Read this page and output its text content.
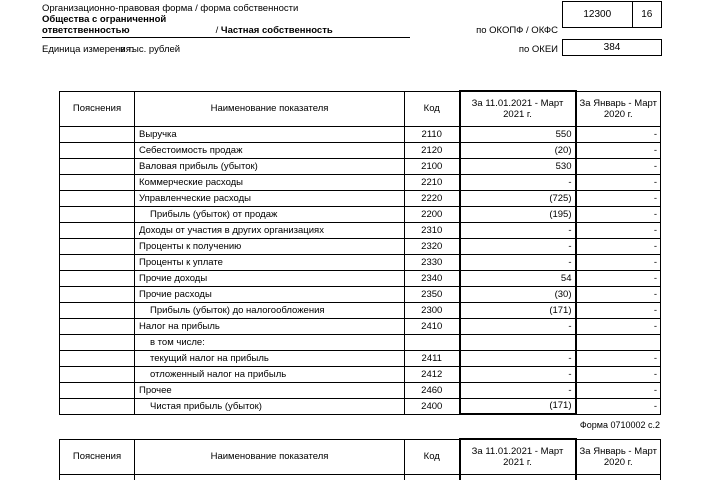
Организационно-правовая форма / форма собственности
Общества с ограниченной
ответственностью	/ Частная собственность	по ОКОПФ / ОКФС
12300	16
Единица измерения:
в тыс. рублей	по ОКЕИ	384
Пояснения	Наименование показателя	Код	За 11.01.2021 - Март 2021 г.	За Январь - Март 2020 г.
	Выручка	2110	550	-
	Себестоимость продаж	2120	(20)	-
	Валовая прибыль (убыток)	2100	530	-
	Коммерческие расходы	2210	-	-
	Управленческие расходы	2220	(725)	-
	Прибыль (убыток) от продаж	2200	(195)	-
	Доходы от участия в других организациях	2310	-	-
	Проценты к получению	2320	-	-
	Проценты к уплате	2330	-	-
	Прочие доходы	2340	54	-
	Прочие расходы	2350	(30)	-
	Прибыль (убыток) до налогообложения	2300	(171)	-
	Налог на прибыль	2410	-	-
	в том числе:			
	текущий налог на прибыль	2411	-	-
	отложенный налог на прибыль	2412	-	-
	Прочее	2460	-	-
	Чистая прибыль (убыток)	2400	(171)	-
Форма 0710002 с.2
Пояснения	Наименование показателя	Код	За 11.01.2021 - Март 2021 г.	За Январь - Март 2020 г.
